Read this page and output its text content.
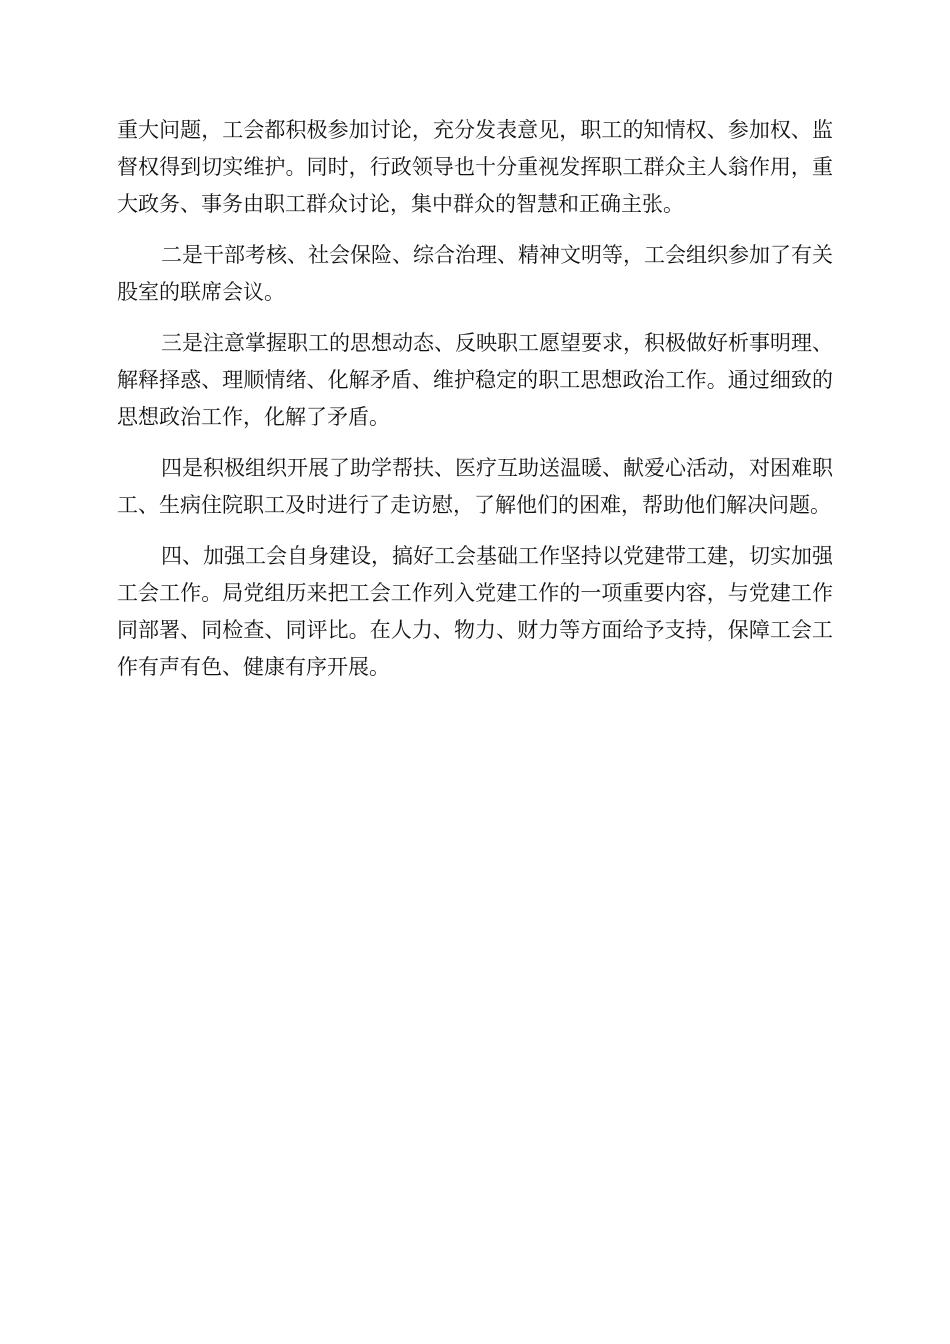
重大问题，工会都积极参加讨论，充分发表意见，职工的知情权、参加权、监督权得到切实维护。同时，行政领导也十分重视发挥职工群众主人翁作用，重大政务、事务由职工群众讨论，集中群众的智慧和正确主张。

二是干部考核、社会保险、综合治理、精神文明等，工会组织参加了有关股室的联席会议。

三是注意掌握职工的思想动态、反映职工愿望要求，积极做好析事明理、解释择惑、理顺情绪、化解矛盾、维护稳定的职工思想政治工作。通过细致的思想政治工作，化解了矛盾。

四是积极组织开展了助学帮扶、医疗互助送温暖、献爱心活动，对困难职工、生病住院职工及时进行了走访慰，了解他们的困难，帮助他们解决问题。

四、加强工会自身建设，搞好工会基础工作坚持以党建带工建，切实加强工会工作。局党组历来把工会工作列入党建工作的一项重要内容，与党建工作同部署、同检查、同评比。在人力、物力、财力等方面给予支持，保障工会工作有声有色、健康有序开展。
